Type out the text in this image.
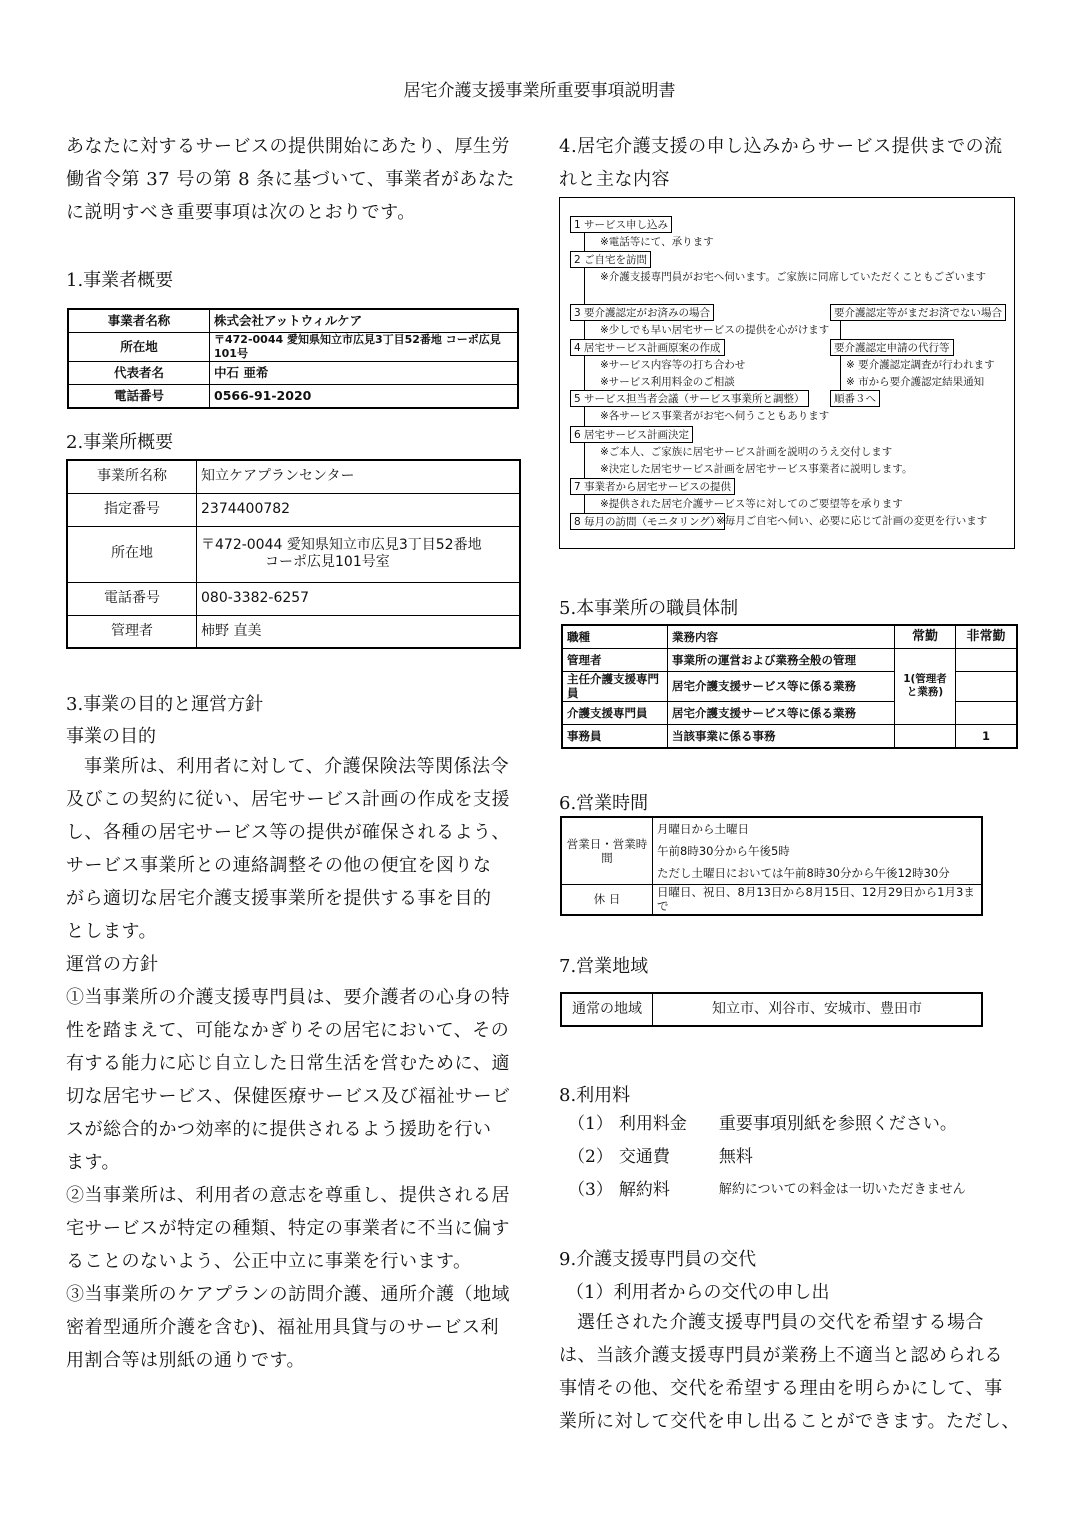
居宅介護支援事業所重要事項説明書

あなたに対するサービスの提供開始にあたり、厚生労

働省令第 37 号の第 8 条に基づいて、事業者があなた

に説明すべき重要事項は次のとおりです。

1.事業者概要
事業者名称	株式会社アットウィルケア
所在地	〒472-0044 愛知県知立市広見3丁目52番地 コーポ広見101号
代表者名	中石 亜希
電話番号	0566-91-2020
2.事業所概要
事業所名称	知立ケアプランセンター
指定番号	2374400782
所在地	〒472-0044 愛知県知立市広見3丁目52番地
コーポ広見101号室

電話番号	080-3382-6257
管理者	柿野 直美
3.事業の目的と運営方針
事業の目的

事業所は、利用者に対して、介護保険法等関係法令

及びこの契約に従い、居宅サービス計画の作成を支援

し、各種の居宅サービス等の提供が確保されるよう、

サービス事業所との連絡調整その他の便宜を図りな

がら適切な居宅介護支援事業所を提供する事を目的

とします。

運営の方針

①当事業所の介護支援専門員は、要介護者の心身の特

性を踏まえて、可能なかぎりその居宅において、その

有する能力に応じ自立した日常生活を営むために、適

切な居宅サービス、保健医療サービス及び福祉サービ

スが総合的かつ効率的に提供されるよう援助を行い

ます。

②当事業所は、利用者の意志を尊重し、提供される居

宅サービスが特定の種類、特定の事業者に不当に偏す

ることのないよう、公正中立に事業を行います。

③当事業所のケアプランの訪問介護、通所介護（地域

密着型通所介護を含む)、福祉用具貸与のサービス利

用割合等は別紙の通りです。

4.居宅介護支援の申し込みからサービス提供までの流

れと主な内容

1 サービス申し込み
※電話等にて、承ります
2 ご自宅を訪問
※介護支援専門員がお宅へ伺います。ご家族に同席していただくこともございます
3 要介護認定がお済みの場合	要介護認定等がまだお済でない場合
※少しでも早い居宅サービスの提供を心がけます
4 居宅サービス計画原案の作成	要介護認定申請の代行等
※サービス内容等の打ち合わせ	※ 要介護認定調査が行われます
※サービス利用料金のご相談	※ 市から要介護認定結果通知
5 サービス担当者会議（サービス事業所と調整）	順番３へ
※各サービス事業者がお宅へ伺うこともあります
6 居宅サービス計画決定
※ご本人、ご家族に居宅サービス計画を説明のうえ交付します
※決定した居宅サービス計画を居宅サービス事業者に説明します。
7 事業者から居宅サービスの提供
※提供された居宅介護サービス等に対してのご要望等を承ります
8 毎月の訪問（モニタリング）
※毎月ご自宅へ伺い、必要に応じて計画の変更を行います
5.本事業所の職員体制
職種	業務内容	常勤	非常勤
管理者	事業所の運営および業務全般の管理	1(管理者と業務)	
主任介護支援専門員	居宅介護支援サービス等に係る業務		
介護支援専門員	居宅介護支援サービス等に係る業務		
事務員	当該事業に係る事務		1
6.営業時間
営業日・営業時間	月曜日から土曜日
午前8時30分から午後5時
ただし土曜日においては午前8時30分から午後12時30分

休 日	日曜日、祝日、8月13日から8月15日、12月29日から1月3まで
7.営業地域
通常の地域	知立市、刈谷市、安城市、豊田市
8.利用料
（1）	利用料金	重要事項別紙を参照ください。
（2）	交通費	無料
（3）	解約料	解約についての料金は一切いただきません
9.介護支援専門員の交代
（1）利用者からの交代の申し出

選任された介護支援専門員の交代を希望する場合

は、当該介護支援専門員が業務上不適当と認められる

事情その他、交代を希望する理由を明らかにして、事

業所に対して交代を申し出ることができます。ただし、
